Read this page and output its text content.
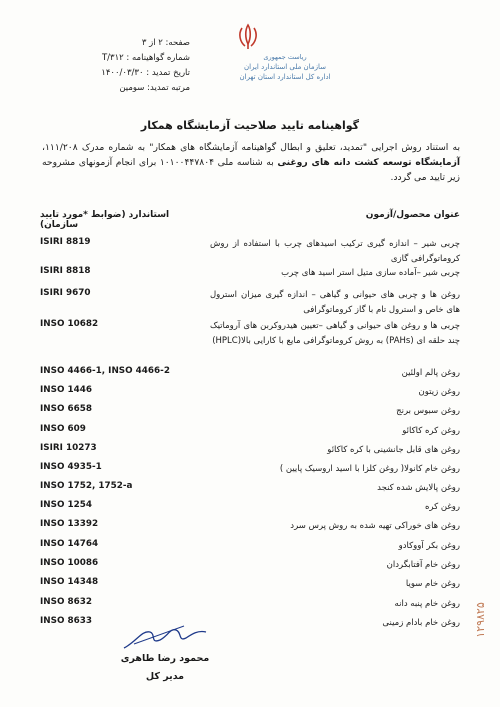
صفحه: ۲ از ۳
شماره گواهینامه : T/۳۱۲
تاریخ تمدید : ۱۴۰۰/۰۳/۳۰
مرتبه تمدید: سومین
ریاست جمهوری
سازمان ملی استاندارد ایران
اداره کل استاندارد استان تهران
گواهینامه تایید صلاحیت آزمایشگاه همکار
به استناد روش اجرایی "تمدید، تعلیق و ابطال گواهینامه آزمایشگاه های همکار" به شماره مدرک ۱۱۱/۲۰۸، آزمایشگاه توسعه کشت دانه های روغنی به شناسه ملی ۱۰۱۰۰۴۴۷۸۰۴ برای انجام آزمونهای مشروحه زیر تایید می گردد.
عنوان محصول/آزمون
استاندارد (ضوابط *مورد تایید سازمان)
چربی شیر – اندازه گیری ترکیب اسیدهای چرب با استفاده از روش کروماتوگرافی گازی
ISIRI 8819
چربی شیر –آماده سازی متیل استر اسید های چرب
ISIRI 8818
روغن ها و چربی های حیوانی و گیاهی – اندازه گیری میزان استرول های خاص و استرول تام با گاز کروماتوگرافی
ISIRI 9670
چربی ها و روغن های حیوانی و گیاهی –تعیین هیدروکربن های آروماتیک چند حلقه ای (PAHs) به روش کروماتوگرافی مایع با کارایی بالا(HPLC)
INSO 10682
روغن پالم اولئین
INSO 4466-1, INSO 4466-2
روغن زیتون
INSO 1446
روغن سبوس برنج
INSO 6658
روغن کره کاکائو
INSO 609
روغن های قابل جانشینی با کره کاکائو
ISIRI 10273
روغن خام کانولا( روغن کلزا با اسید اروسیک پایین )
INSO 4935-1
روغن پالایش شده کنجد
INSO 1752, 1752-a
روغن کره
INSO 1254
روغن های خوراکی تهیه شده به روش پرس سرد
INSO 13392
روغن بکر آووکادو
INSO 14764
روغن خام آفتابگردان
INSO 10086
روغن خام سویا
INSO 14348
روغن خام پنبه دانه
INSO 8632
روغن خام بادام زمینی
INSO 8633
محمود رضا طاهری
مدیر کل
۱۲۹۸۲۵
